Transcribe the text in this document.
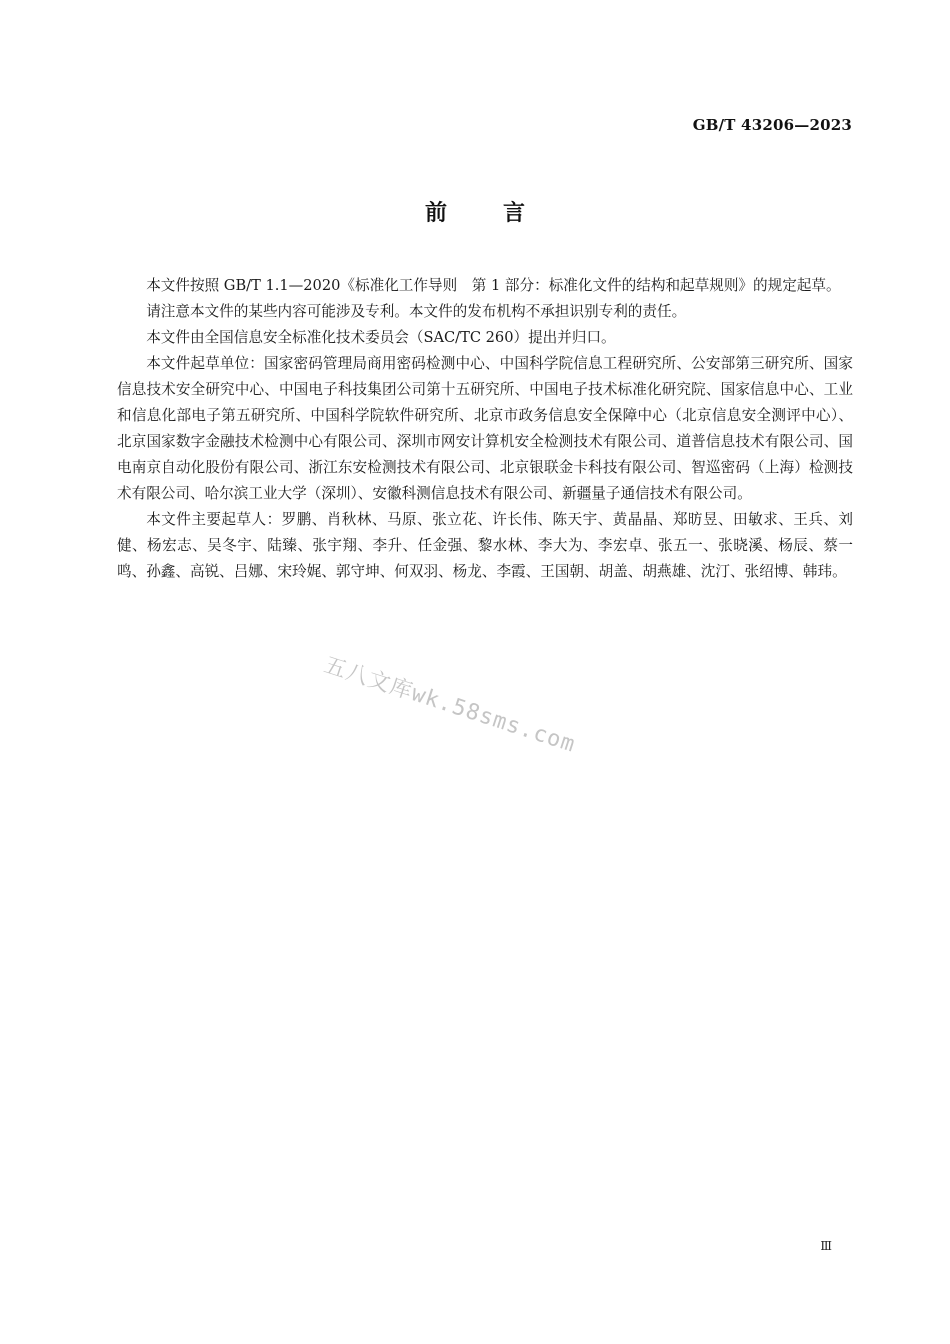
GB/T 43206—2023
前言

本文件按照 GB/T 1.1—2020《标准化工作导则　第 1 部分：标准化文件的结构和起草规则》的规定起草。

请注意本文件的某些内容可能涉及专利。本文件的发布机构不承担识别专利的责任。

本文件由全国信息安全标准化技术委员会（SAC/TC 260）提出并归口。

本文件起草单位：国家密码管理局商用密码检测中心、中国科学院信息工程研究所、公安部第三研究所、国家信息技术安全研究中心、中国电子科技集团公司第十五研究所、中国电子技术标准化研究院、国家信息中心、工业和信息化部电子第五研究所、中国科学院软件研究所、北京市政务信息安全保障中心（北京信息安全测评中心）、北京国家数字金融技术检测中心有限公司、深圳市网安计算机安全检测技术有限公司、道普信息技术有限公司、国电南京自动化股份有限公司、浙江东安检测技术有限公司、北京银联金卡科技有限公司、智巡密码（上海）检测技术有限公司、哈尔滨工业大学（深圳）、安徽科测信息技术有限公司、新疆量子通信技术有限公司。

本文件主要起草人：罗鹏、肖秋林、马原、张立花、许长伟、陈天宇、黄晶晶、郑昉昱、田敏求、王兵、刘健、杨宏志、吴冬宇、陆臻、张宇翔、李升、任金强、黎水林、李大为、李宏卓、张五一、张晓溪、杨辰、蔡一鸣、孙鑫、高锐、吕娜、宋玲娓、郭守坤、何双羽、杨龙、李霞、王国朝、胡盖、胡燕雄、沈汀、张绍博、韩玮。

五八文库wk.58sms.com
Ⅲ
